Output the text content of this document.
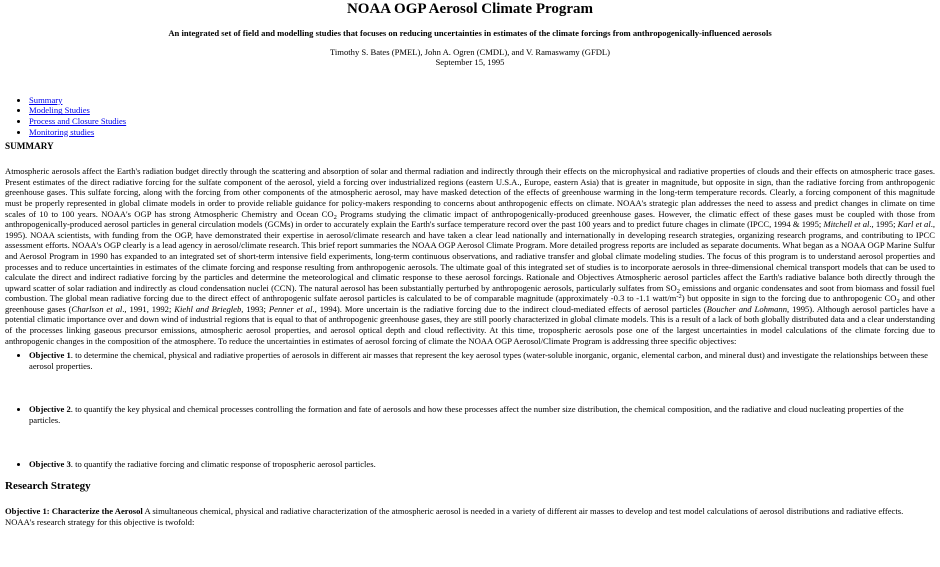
NOAA OGP Aerosol Climate Program
An integrated set of field and modelling studies that focuses on reducing uncertainties in estimates of the climate forcings from anthropogenically-influenced aerosols
Timothy S. Bates (PMEL), John A. Ogren (CMDL), and V. Ramaswamy (GFDL)
September 15, 1995
• Summary
• Modeling Studies
• Process and Closure Studies
• Monitoring studies
SUMMARY

Atmospheric aerosols affect the Earth's radiation budget directly through the scattering and absorption of solar and thermal radiation and indirectly through their effects on the microphysical and radiative properties of clouds and their effects on atmospheric trace gases. Present estimates of the direct radiative forcing for the sulfate component of the aerosol, yield a forcing over industrialized regions (eastern U.S.A., Europe, eastern Asia) that is greater in magnitude, but opposite in sign, than the radiative forcing from anthropogenic greenhouse gases. This sulfate forcing, along with the forcing from other components of the atmospheric aerosol, may have masked detection of the effects of greenhouse warming in the long-term temperature records. Clearly, a forcing component of this magnitude must be properly represented in global climate models in order to provide reliable guidance for policy-makers responding to concerns about anthropogenic effects on climate. NOAA's strategic plan addresses the need to assess and predict changes in climate on time scales of 10 to 100 years. NOAA's OGP has strong Atmospheric Chemistry and Ocean $CO_2$ Programs studying the climatic impact of anthropogenically-produced greenhouse gases. However, the climatic effect of these gases must be coupled with those from anthropogenically-produced aerosol particles in general circulation models (GCMs) in order to accurately explain the Earth's surface temperature record over the past 100 years and to predict future chages in climate (IPCC, 1994 & 1995; Mitchell et al., 1995; Karl et al., 1995). NOAA scientists, with funding from the OGP, have demonstrated their expertise in aerosol/climate research and have taken a clear lead nationally and internationally in developing research strategies, organizing research programs, and contributing to IPCC assessment efforts. NOAA's OGP clearly is a lead agency in aerosol/climate research. This brief report summaries the NOAA OGP Aerosol Climate Program. More detailed progress reports are included as separate documents. What began as a NOAA OGP Marine Sulfur and Aerosol Program in 1990 has expanded to an integrated set of short-term intensive field experiments, long-term continuous observations, and radiative transfer and global climate modeling studies. The focus of this program is to understand aerosol properties and processes and to reduce uncertainties in estimates of the climate forcing and response resulting from anthropogenic aerosols. The ultimate goal of this integrated set of studies is to incorporate aerosols in three-dimensional chemical transport models that can be used to calculate the direct and indirect radiative forcing by the particles and determine the meteorological and climatic response to these aerosol forcings. Rationale and Objectives Atmospheric aerosol particles affect the Earth's radiative balance both directly through the upward scatter of solar radiation and indirectly as cloud condensation nuclei (CCN). The natural aerosol has been substantially perturbed by anthropogenic aerosols, particularly sulfates from $SO_2$ emissions and organic condensates and soot from biomass and fossil fuel combustion. The global mean radiative forcing due to the direct effect of anthropogenic sulfate aerosol particles is calculated to be of comparable magnitude (approximately -0.3 to -1.1 watt/$m^{-2}$) but opposite in sign to the forcing due to anthropogenic $CO_2$ and other greenhouse gases (Charlson et al., 1991, 1992; Kiehl and Briegleb, 1993; Penner et al., 1994). More uncertain is the radiative forcing due to the indirect cloud-mediated effects of aerosol particles (Boucher and Lohmann, 1995). Although aerosol particles have a potential climatic importance over and down wind of industrial regions that is equal to that of anthropogenic greenhouse gases, they are still poorly characterized in global climate models. This is a result of a lack of both globally distributed data and a clear understanding of the processes linking gaseous precursor emissions, atmospheric aerosol properties, and aerosol optical depth and cloud reflectivity. At this time, tropospheric aerosols pose one of the largest uncertainties in model calculations of the climate forcing due to anthropogenic changes in the composition of the atmosphere. To reduce the uncertainties in estimates of aerosol forcing of climate the NOAA OGP Aerosol/Climate Program is addressing three specific objectives:

• Objective 1. to determine the chemical, physical and radiative properties of aerosols in different air masses that represent the key aerosol types (water-soluble inorganic, organic, elemental carbon, and mineral dust) and investigate the relationships between these aerosol properties.
• Objective 2. to quantify the key physical and chemical processes controlling the formation and fate of aerosols and how these processes affect the number size distribution, the chemical composition, and the radiative and cloud nucleating properties of the particles.
• Objective 3. to quantify the radiative forcing and climatic response of tropospheric aerosol particles.
Research Strategy

Objective 1: Characterize the Aerosol A simultaneous chemical, physical and radiative characterization of the atmospheric aerosol is needed in a variety of different air masses to develop and test model calculations of aerosol distributions and radiative effects. NOAA's research strategy for this objective is twofold:
